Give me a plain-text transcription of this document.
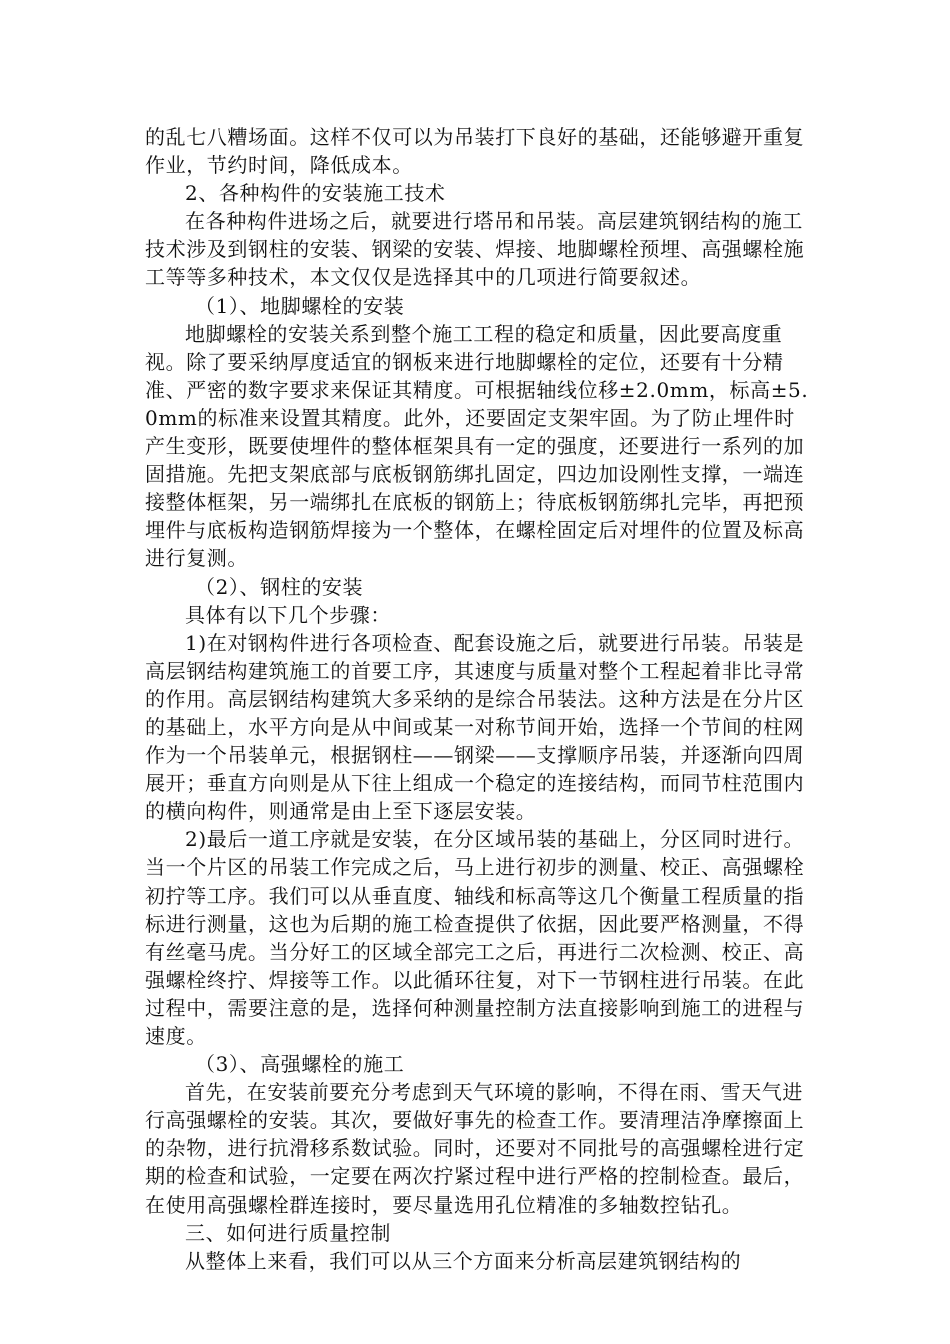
的乱七八糟场面。这样不仅可以为吊装打下良好的基础，还能够避开重复作业，节约时间，降低成本。

2、各种构件的安装施工技术

在各种构件进场之后，就要进行塔吊和吊装。高层建筑钢结构的施工技术涉及到钢柱的安装、钢梁的安装、焊接、地脚螺栓预埋、高强螺栓施工等等多种技术，本文仅仅是选择其中的几项进行简要叙述。

（1）、地脚螺栓的安装

地脚螺栓的安装关系到整个施工工程的稳定和质量，因此要高度重视。除了要采纳厚度适宜的钢板来进行地脚螺栓的定位，还要有十分精准、严密的数字要求来保证其精度。可根据轴线位移±2.0mm，标高±5.0mm的标准来设置其精度。此外，还要固定支架牢固。为了防止埋件时产生变形，既要使埋件的整体框架具有一定的强度，还要进行一系列的加固措施。先把支架底部与底板钢筋绑扎固定，四边加设刚性支撑，一端连接整体框架，另一端绑扎在底板的钢筋上；待底板钢筋绑扎完毕，再把预埋件与底板构造钢筋焊接为一个整体，在螺栓固定后对埋件的位置及标高进行复测。

（2）、钢柱的安装

具体有以下几个步骤：

1)在对钢构件进行各项检查、配套设施之后，就要进行吊装。吊装是高层钢结构建筑施工的首要工序，其速度与质量对整个工程起着非比寻常的作用。高层钢结构建筑大多采纳的是综合吊装法。这种方法是在分片区的基础上，水平方向是从中间或某一对称节间开始，选择一个节间的柱网作为一个吊装单元，根据钢柱——钢梁——支撑顺序吊装，并逐渐向四周展开；垂直方向则是从下往上组成一个稳定的连接结构，而同节柱范围内的横向构件，则通常是由上至下逐层安装。

2)最后一道工序就是安装，在分区域吊装的基础上，分区同时进行。当一个片区的吊装工作完成之后，马上进行初步的测量、校正、高强螺栓初拧等工序。我们可以从垂直度、轴线和标高等这几个衡量工程质量的指标进行测量，这也为后期的施工检查提供了依据，因此要严格测量，不得有丝毫马虎。当分好工的区域全部完工之后，再进行二次检测、校正、高强螺栓终拧、焊接等工作。以此循环往复，对下一节钢柱进行吊装。在此过程中，需要注意的是，选择何种测量控制方法直接影响到施工的进程与速度。

（3）、高强螺栓的施工

首先，在安装前要充分考虑到天气环境的影响，不得在雨、雪天气进行高强螺栓的安装。其次，要做好事先的检查工作。要清理洁净摩擦面上的杂物，进行抗滑移系数试验。同时，还要对不同批号的高强螺栓进行定期的检查和试验，一定要在两次拧紧过程中进行严格的控制检查。最后，在使用高强螺栓群连接时，要尽量选用孔位精准的多轴数控钻孔。

三、如何进行质量控制

从整体上来看，我们可以从三个方面来分析高层建筑钢结构的
